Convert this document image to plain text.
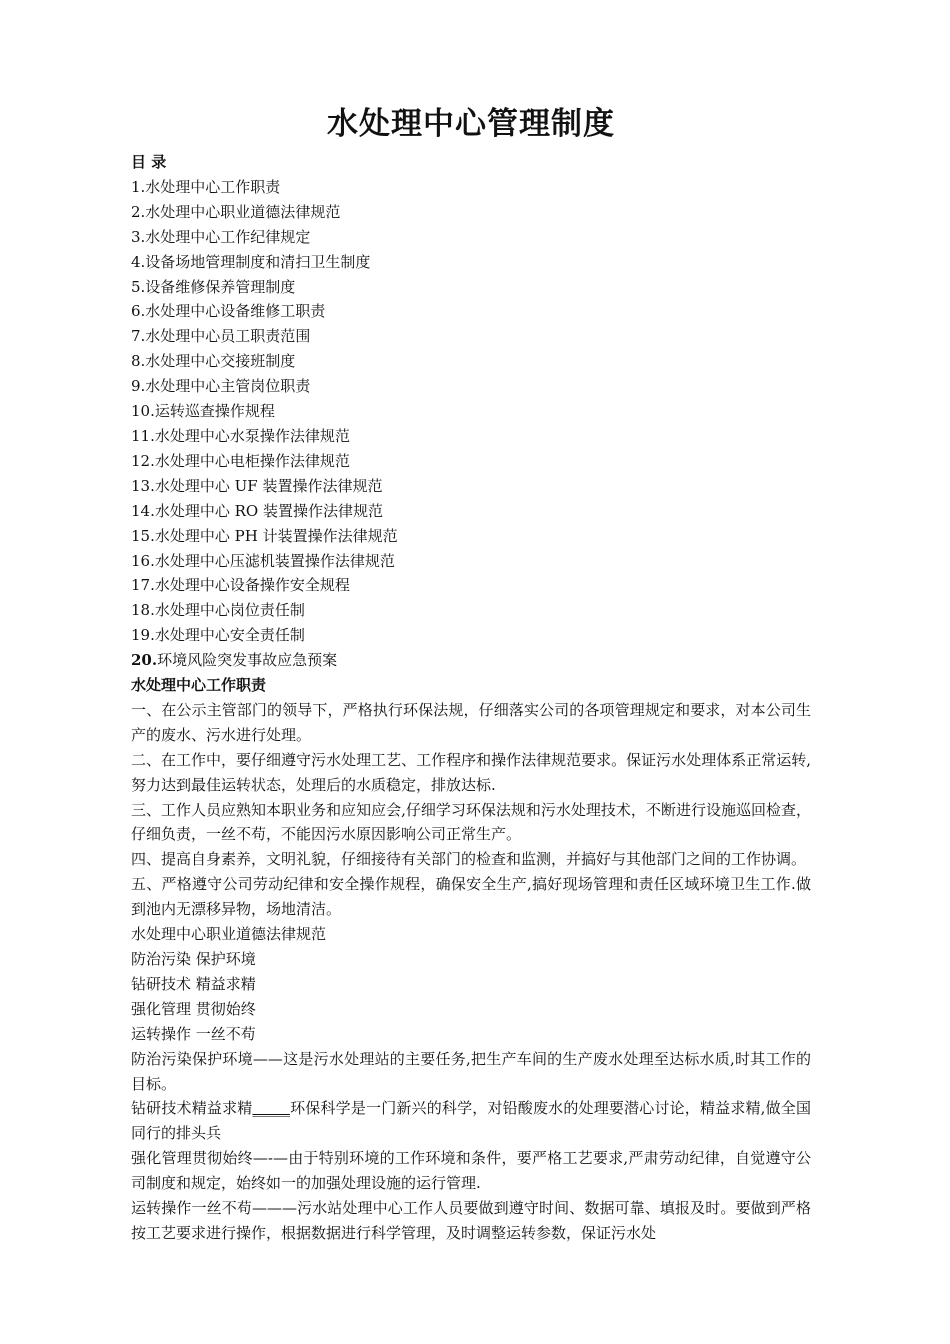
水处理中心管理制度
目 录
1.水处理中心工作职责
2.水处理中心职业道德法律规范
3.水处理中心工作纪律规定
4.设备场地管理制度和清扫卫生制度
5.设备维修保养管理制度
6.水处理中心设备维修工职责
7.水处理中心员工职责范围
8.水处理中心交接班制度
9.水处理中心主管岗位职责
10.运转巡查操作规程
11.水处理中心水泵操作法律规范
12.水处理中心电柜操作法律规范
13.水处理中心 UF 装置操作法律规范
14.水处理中心 RO 装置操作法律规范
15.水处理中心 PH 计装置操作法律规范
16.水处理中心压滤机装置操作法律规范
17.水处理中心设备操作安全规程
18.水处理中心岗位责任制
19.水处理中心安全责任制
20.环境风险突发事故应急预案
水处理中心工作职责
一、在公示主管部门的领导下，严格执行环保法规，仔细落实公司的各项管理规定和要求，对本公司生产的废水、污水进行处理。
二、在工作中，要仔细遵守污水处理工艺、工作程序和操作法律规范要求。保证污水处理体系正常运转,努力达到最佳运转状态，处理后的水质稳定，排放达标.
三、工作人员应熟知本职业务和应知应会,仔细学习环保法规和污水处理技术，不断进行设施巡回检查，仔细负责，一丝不苟，不能因污水原因影响公司正常生产。
四、提高自身素养，文明礼貌，仔细接待有关部门的检查和监测，并搞好与其他部门之间的工作协调。
五、严格遵守公司劳动纪律和安全操作规程，确保安全生产,搞好现场管理和责任区域环境卫生工作.做到池内无漂移异物，场地清洁。
水处理中心职业道德法律规范
防治污染 保护环境
钻研技术 精益求精
强化管理 贯彻始终
运转操作 一丝不苟
防治污染保护环境——这是污水处理站的主要任务,把生产车间的生产废水处理至达标水质,时其工作的目标。
钻研技术精益求精_____环保科学是一门新兴的科学，对铅酸废水的处理要潜心讨论，精益求精,做全国同行的排头兵
强化管理贯彻始终—-—由于特别环境的工作环境和条件，要严格工艺要求,严肃劳动纪律，自觉遵守公司制度和规定，始终如一的加强处理设施的运行管理.
运转操作一丝不苟———污水站处理中心工作人员要做到遵守时间、数据可靠、填报及时。要做到严格按工艺要求进行操作，根据数据进行科学管理，及时调整运转参数，保证污水处
